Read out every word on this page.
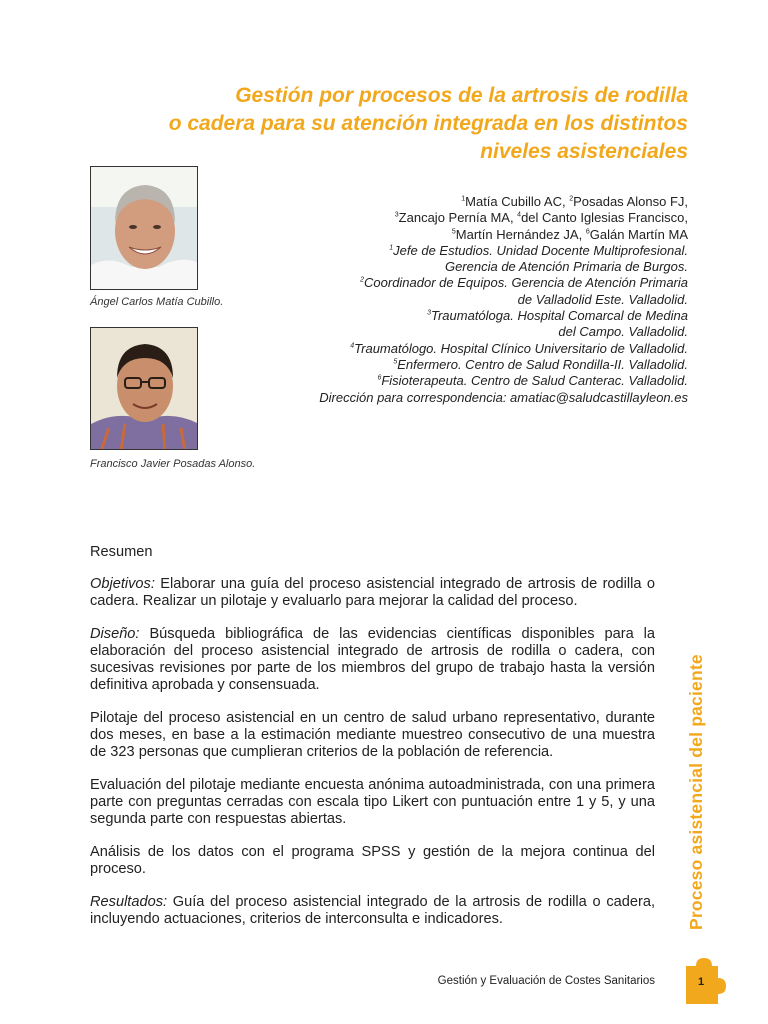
Gestión por procesos de la artrosis de rodilla
o cadera para su atención integrada en los distintos
niveles asistenciales
Ángel Carlos Matía Cubillo.
Francisco Javier Posadas Alonso.
$^1$Matía Cubillo AC, $^2$Posadas Alonso FJ,
$^3$Zancajo Pernía MA, $^4$del Canto Iglesias Francisco,
$^5$Martín Hernández JA, $^6$Galán Martín MA
$^1$Jefe de Estudios. Unidad Docente Multiprofesional.
Gerencia de Atención Primaria de Burgos.
$^2$Coordinador de Equipos. Gerencia de Atención Primaria
de Valladolid Este. Valladolid.
$^3$Traumatóloga. Hospital Comarcal de Medina
del Campo. Valladolid.
$^4$Traumatólogo. Hospital Clínico Universitario de Valladolid.
$^5$Enfermero. Centro de Salud Rondilla-II. Valladolid.
$^6$Fisioterapeuta. Centro de Salud Canterac. Valladolid.
Dirección para correspondencia: amatiac@saludcastillayleon.es
Resumen

Objetivos: Elaborar una guía del proceso asistencial integrado de artrosis de rodilla o cadera. Realizar un pilotaje y evaluarlo para mejorar la calidad del proceso.

Diseño: Búsqueda bibliográfica de las evidencias científicas disponibles para la elaboración del proceso asistencial integrado de artrosis de rodilla o cadera, con sucesivas revisiones por parte de los miembros del grupo de trabajo hasta la versión definitiva aprobada y consensuada.

Pilotaje del proceso asistencial en un centro de salud urbano representativo, durante dos meses, en base a la estimación mediante muestreo consecutivo de una muestra de 323 personas que cumplieran criterios de la población de referencia.

Evaluación del pilotaje mediante encuesta anónima autoadministrada, con una primera parte con preguntas cerradas con escala tipo Likert con puntuación entre 1 y 5, y una segunda parte con respuestas abiertas.

Análisis de los datos con el programa SPSS y gestión de la mejora continua del proceso.

Resultados: Guía del proceso asistencial integrado de la artrosis de rodilla o cadera, incluyendo actuaciones, criterios de interconsulta e indicadores.	Proceso asistencial del paciente
Gestión y Evaluación de Costes Sanitarios	1
